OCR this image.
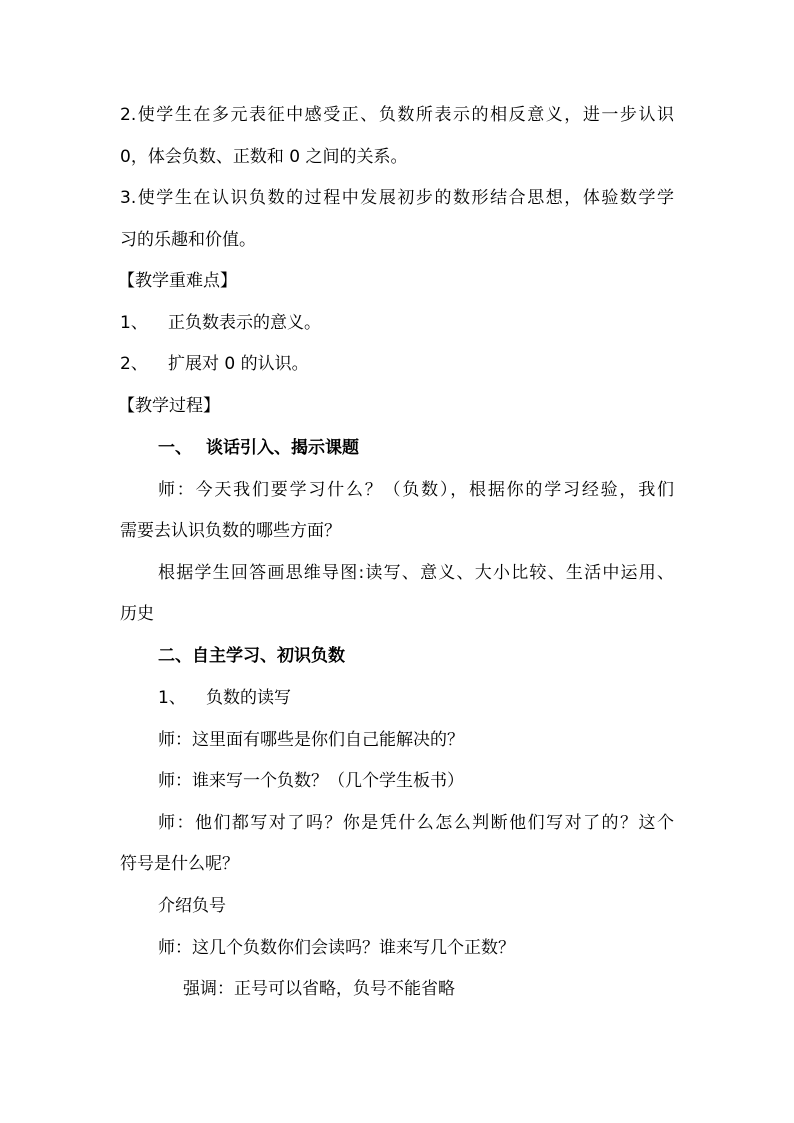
2.使学生在多元表征中感受正、负数所表示的相反意义，进一步认识
0，体会负数、正数和 0 之间的关系。
3.使学生在认识负数的过程中发展初步的数形结合思想，体验数学学
习的乐趣和价值。
【教学重难点】
1、 正负数表示的意义。
2、 扩展对 0 的认识。
【教学过程】
一、 谈话引入、揭示课题
师：今天我们要学习什么？（负数），根据你的学习经验，我们
需要去认识负数的哪些方面？
根据学生回答画思维导图:读写、意义、大小比较、生活中运用、
历史
二、自主学习、初识负数
1、 负数的读写
师：这里面有哪些是你们自己能解决的？
师：谁来写一个负数？（几个学生板书）
师：他们都写对了吗？你是凭什么怎么判断他们写对了的？这个
符号是什么呢？
介绍负号
师：这几个负数你们会读吗？谁来写几个正数？
强调：正号可以省略，负号不能省略
